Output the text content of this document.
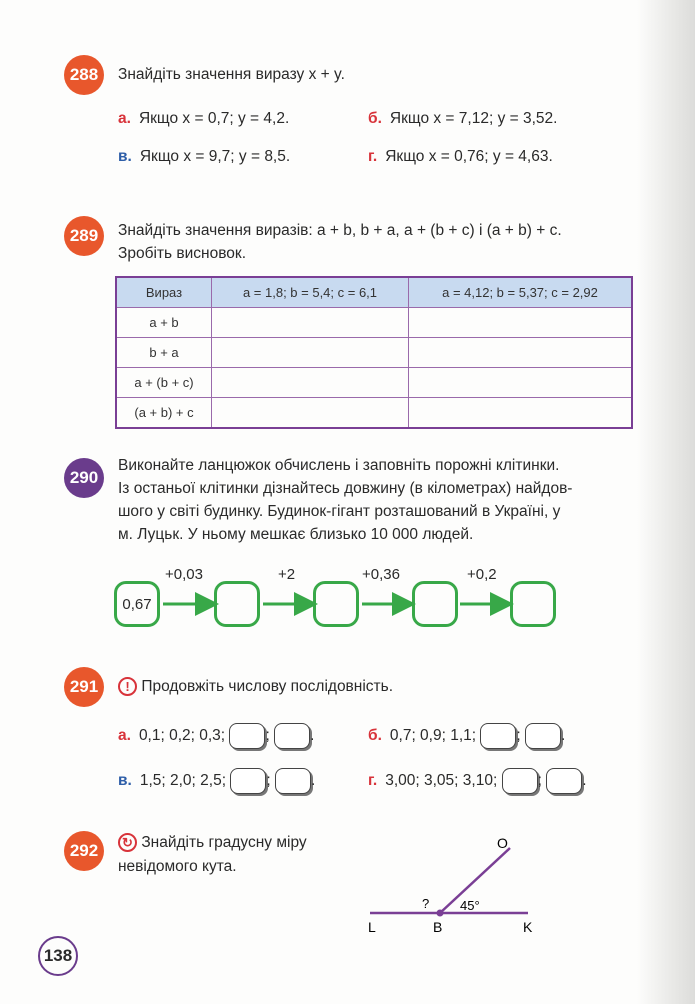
288	Знайдіть значення виразу x + y.
а. Якщо x = 0,7; y = 4,2.	б. Якщо x = 7,12; y = 3,52.
в. Якщо x = 9,7; y = 8,5.	г. Якщо x = 0,76; y = 4,63.
289	Знайдіть значення виразів: a + b, b + a, a + (b + c) і (a + b) + c.
Зробіть висновок.
Вираз	a = 1,8; b = 5,4; c = 6,1	a = 4,12; b = 5,37; c = 2,92
a + b		
b + a		
a + (b + c)		
(a + b) + c		
290
Виконайте ланцюжок обчислень і заповніть порожні клітинки.
Із останьої клітинки дізнайтесь довжину (в кілометрах) найдов-
шого у світі будинку. Будинок-гігант розташований в Україні, у
м. Луцьк. У ньому мешкає близько 10 000 людей.
0,67
+0,03	+2	+0,36	+0,2
291	! Продовжіть числову послідовність.
а. 0,1; 0,2; 0,3;	;	.	б. 0,7; 0,9; 1,1;	;	.
в. 1,5; 2,0; 2,5;	;	.	г. 3,00; 3,05; 3,10;	;	.
292	↻ Знайдіть градусну міру
невідомого кута.
O
L	B	K
? 45°
138
